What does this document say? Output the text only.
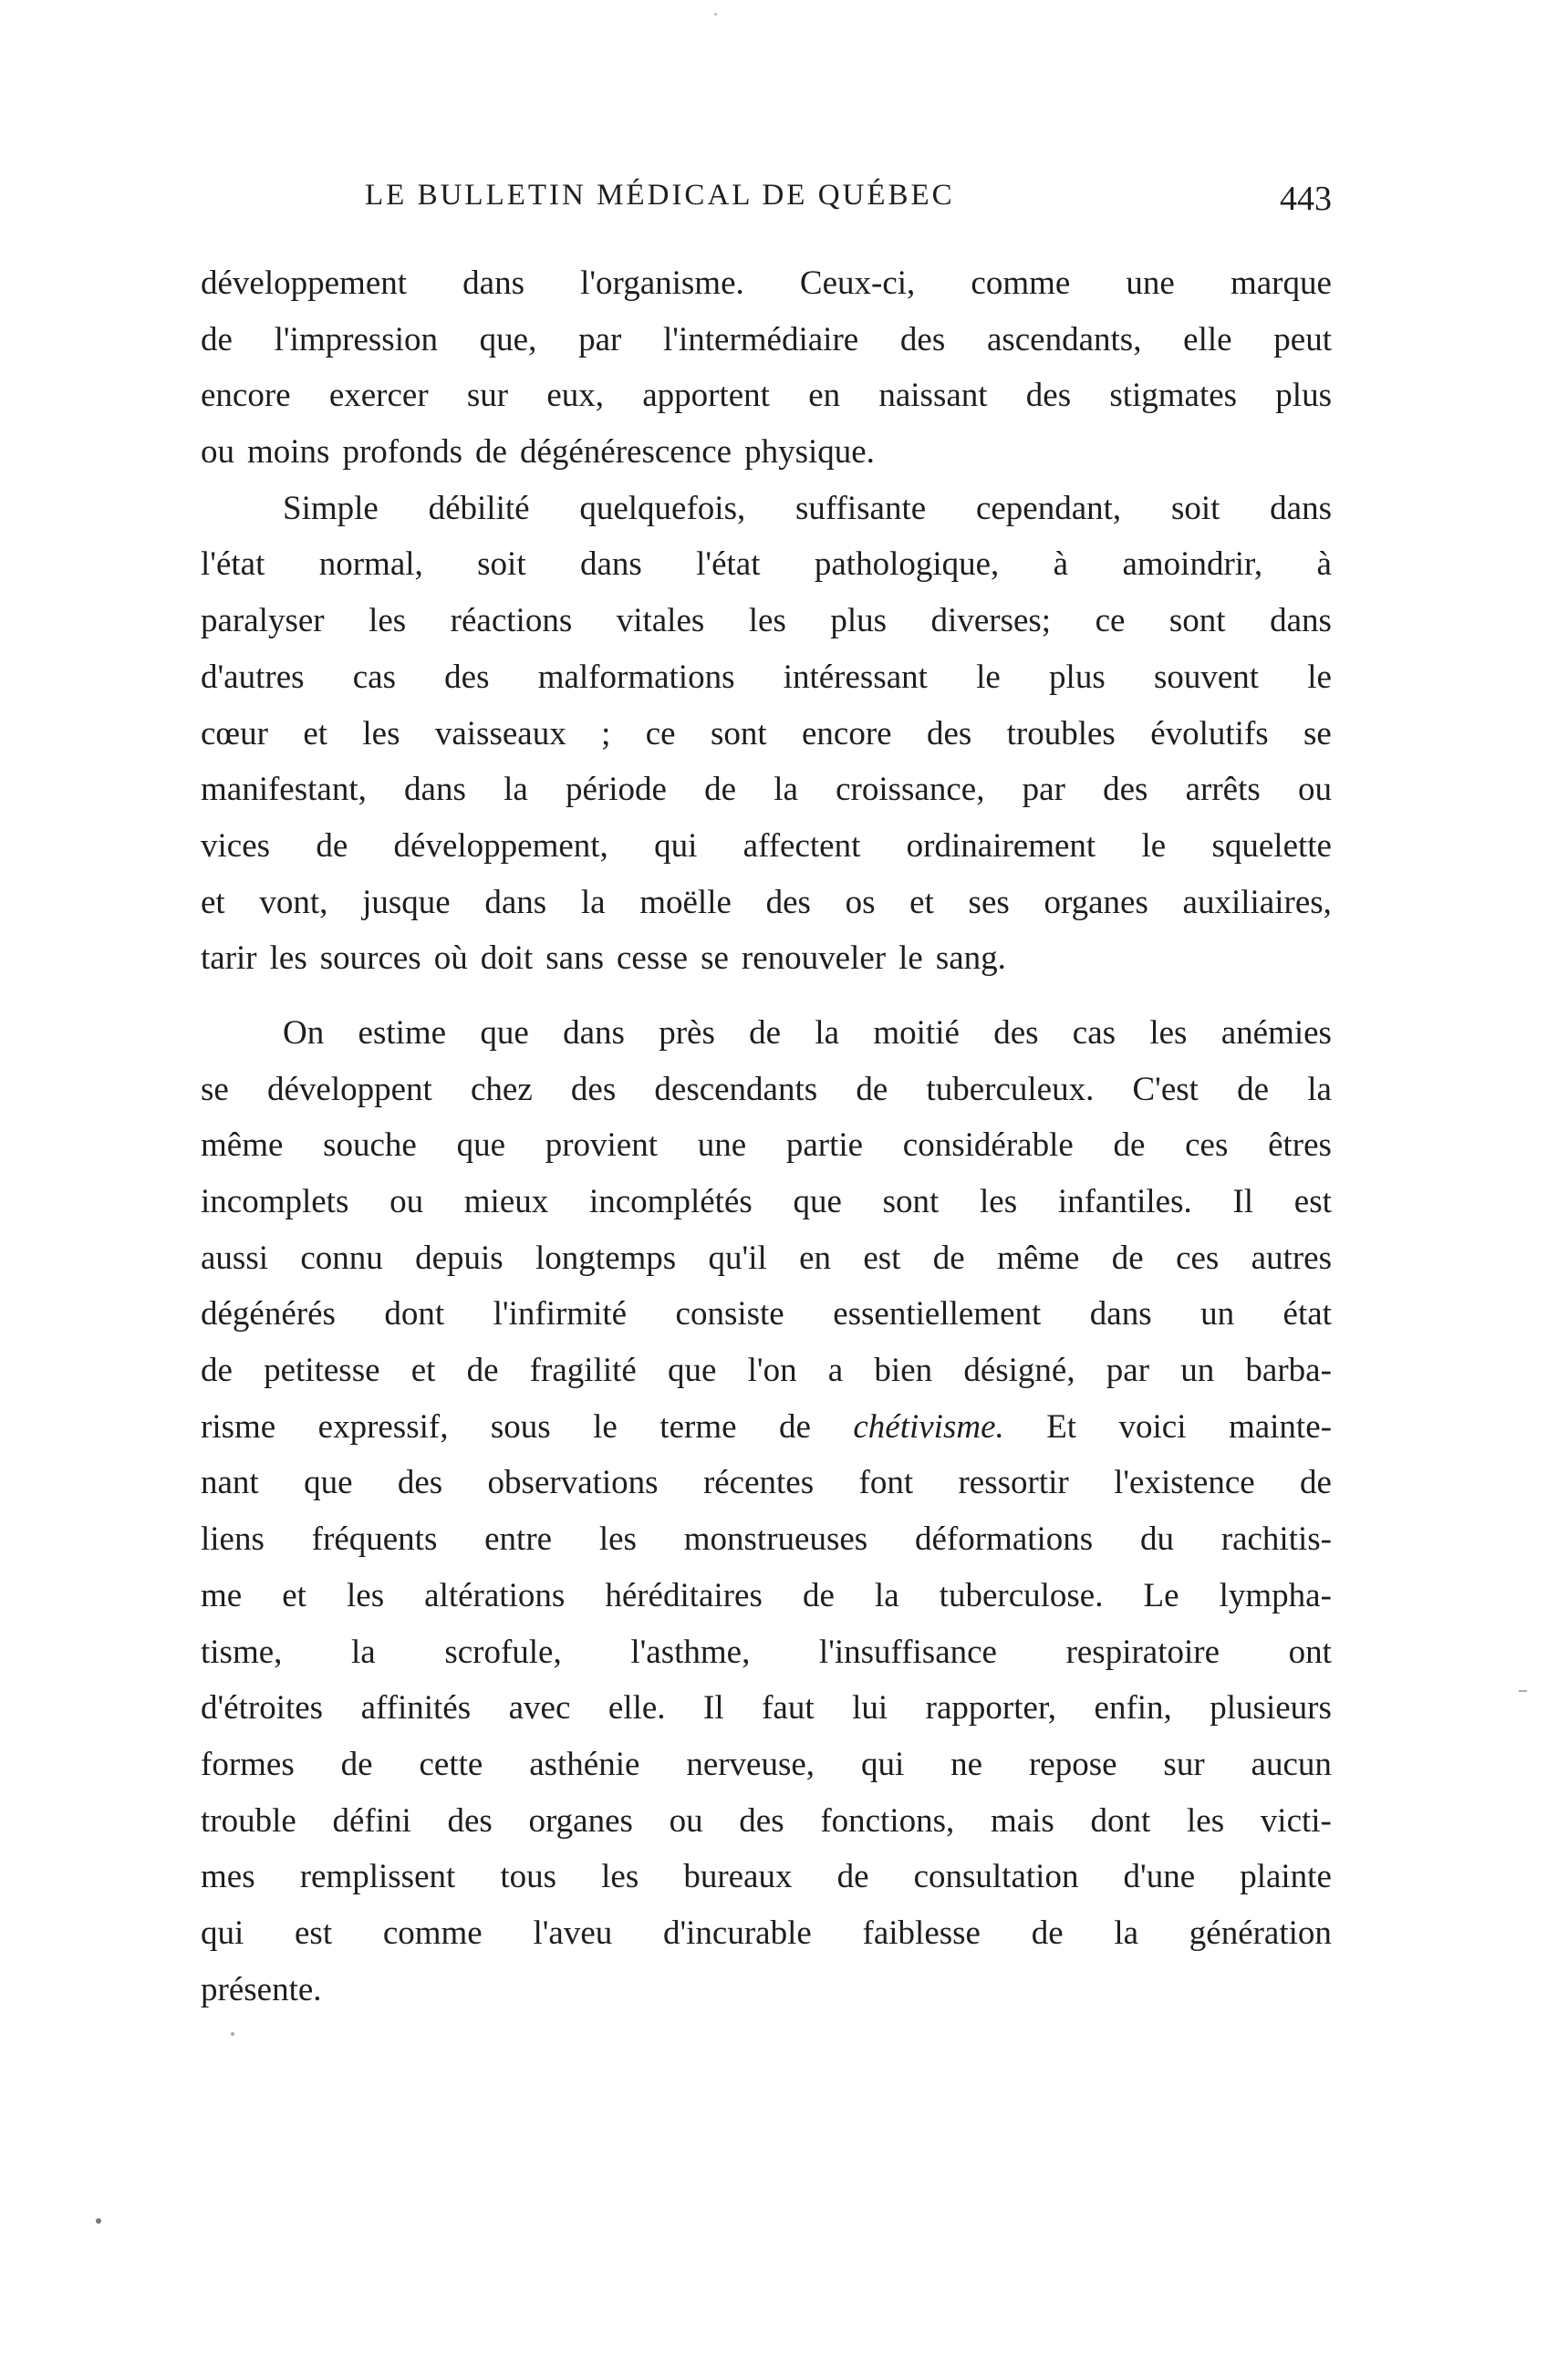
LE BULLETIN MÉDICAL DE QUÉBEC	443
développement dans l'organisme. Ceux-ci, comme une marque
de l'impression que, par l'intermédiaire des ascendants, elle peut
encore exercer sur eux, apportent en naissant des stigmates plus
ou moins profonds de dégénérescence physique.
Simple débilité quelquefois, suffisante cependant, soit dans
l'état normal, soit dans l'état pathologique, à amoindrir, à
paralyser les réactions vitales les plus diverses; ce sont dans
d'autres cas des malformations intéressant le plus souvent le
cœur et les vaisseaux ; ce sont encore des troubles évolutifs se
manifestant, dans la période de la croissance, par des arrêts ou
vices de développement, qui affectent ordinairement le squelette
et vont, jusque dans la moëlle des os et ses organes auxiliaires,
tarir les sources où doit sans cesse se renouveler le sang.
On estime que dans près de la moitié des cas les anémies
se développent chez des descendants de tuberculeux. C'est de la
même souche que provient une partie considérable de ces êtres
incomplets ou mieux incomplétés que sont les infantiles. Il est
aussi connu depuis longtemps qu'il en est de même de ces autres
dégénérés dont l'infirmité consiste essentiellement dans un état
de petitesse et de fragilité que l'on a bien désigné, par un barba-
risme expressif, sous le terme de chétivisme. Et voici mainte-
nant que des observations récentes font ressortir l'existence de
liens fréquents entre les monstrueuses déformations du rachitis-
me et les altérations héréditaires de la tuberculose. Le lympha-
tisme, la scrofule, l'asthme, l'insuffisance respiratoire ont
d'étroites affinités avec elle. Il faut lui rapporter, enfin, plusieurs
formes de cette asthénie nerveuse, qui ne repose sur aucun
trouble défini des organes ou des fonctions, mais dont les victi-
mes remplissent tous les bureaux de consultation d'une plainte
qui est comme l'aveu d'incurable faiblesse de la génération
présente.
